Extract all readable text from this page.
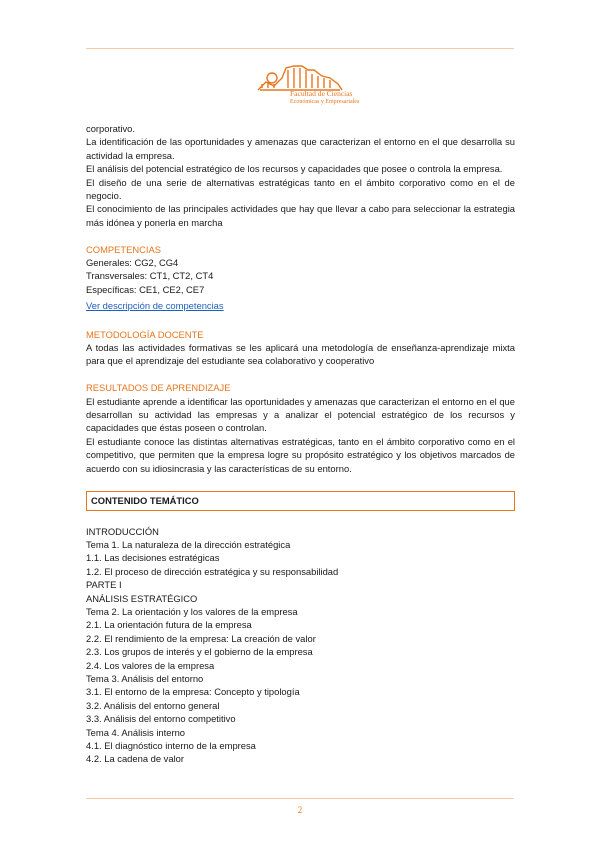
Facultad de Ciencias
Económicas y Empresariales

corporativo.

La identificación de las oportunidades y amenazas que caracterizan el entorno en el que desarrolla su actividad la empresa.

El análisis del potencial estratégico de los recursos y capacidades que posee o controla la empresa.

El diseño de una serie de alternativas estratégicas tanto en el ámbito corporativo como en el de negocio.

El conocimiento de las principales actividades que hay que llevar a cabo para seleccionar la estrategia más idónea y ponerla en marcha

COMPETENCIAS

Generales: CG2, CG4

Transversales: CT1, CT2, CT4

Específicas: CE1, CE2, CE7

Ver descripción de competencias

METODOLOGÍA DOCENTE

A todas las actividades formativas se les aplicará una metodología de enseñanza-aprendizaje mixta para que el aprendizaje del estudiante sea colaborativo y cooperativo

RESULTADOS DE APRENDIZAJE

El estudiante aprende a identificar las oportunidades y amenazas que caracterizan el entorno en el que desarrollan su actividad las empresas y a analizar el potencial estratégico de los recursos y capacidades que éstas poseen o controlan.

El estudiante conoce las distintas alternativas estratégicas, tanto en el ámbito corporativo como en el competitivo, que permiten que la empresa logre su propósito estratégico y los objetivos marcados de acuerdo con su idiosincrasia y las características de su entorno.

CONTENIDO TEMÁTICO

INTRODUCCIÓN

Tema 1. La naturaleza de la dirección estratégica

1.1. Las decisiones estratégicas

1.2. El proceso de dirección estratégica y su responsabilidad

PARTE I

ANÁLISIS ESTRATÉGICO

Tema 2. La orientación y los valores de la empresa

2.1. La orientación futura de la empresa

2.2. El rendimiento de la empresa: La creación de valor

2.3. Los grupos de interés y el gobierno de la empresa

2.4. Los valores de la empresa

Tema 3. Análisis del entorno

3.1. El entorno de la empresa: Concepto y tipología

3.2. Análisis del entorno general

3.3. Análisis del entorno competitivo

Tema 4. Análisis interno

4.1. El diagnóstico interno de la empresa

4.2. La cadena de valor

2
